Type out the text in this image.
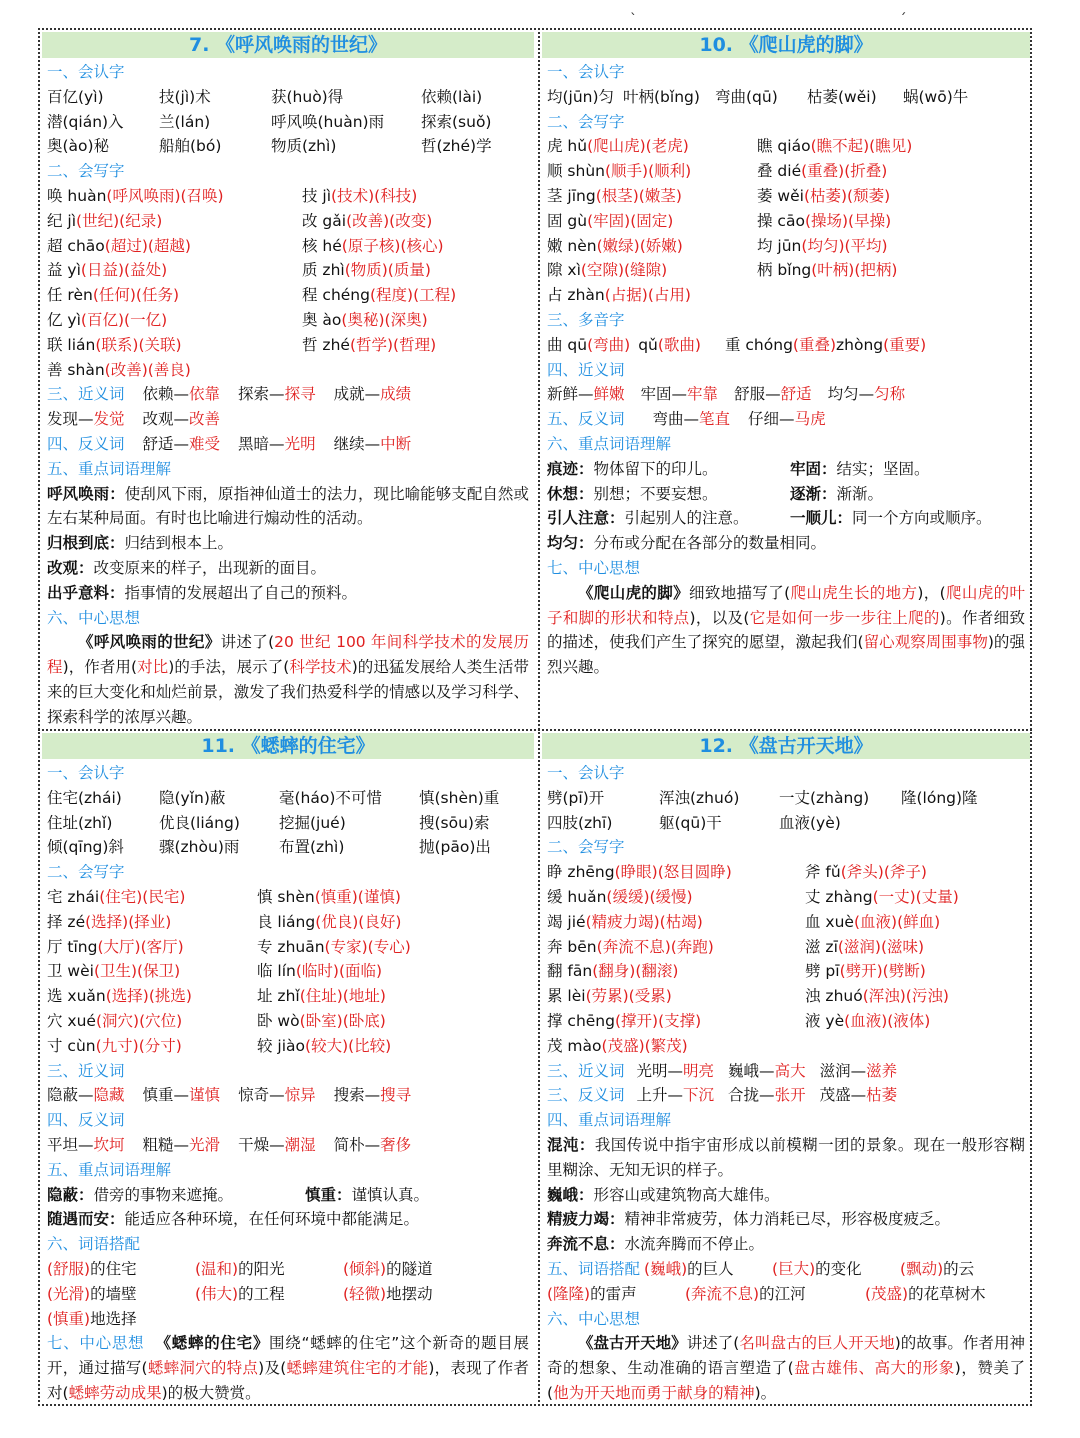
`                                                           ´
7. 《呼风唤雨的世纪》
一、会认字
百亿(yì)	技(jì)术	获(huò)得	依赖(lài)
潜(qián)入 兰(lán)	呼风唤(huàn)雨 探索(suǒ)
奥(ào)秘	船舶(bó)	物质(zhì)	哲(zhé)学
二、会写字
唤 huàn(呼风唤雨)(召唤)	技 jì(技术)(科技)
纪 jì(世纪)(纪录)	改 gǎi(改善)(改变)
超 chāo(超过)(超越)	核 hé(原子核)(核心)
益 yì(日益)(益处)	质 zhì(物质)(质量)
任 rèn(任何)(任务)	程 chéng(程度)(工程)
亿 yì(百亿)(一亿)	奥 ào(奥秘)(深奥)
联 lián(联系)(关联)	哲 zhé(哲学)(哲理)
善 shàn(改善)(善良)
三、近义词 依赖—依靠 探索—探寻 成就—成绩
发现—发觉 改观—改善
四、反义词 舒适—难受 黑暗—光明 继续—中断
五、重点词语理解
呼风唤雨：使刮风下雨，原指神仙道士的法力，现比喻能够支配自然或左右某种局面。有时也比喻进行煽动性的活动。
归根到底：归结到根本上。
改观：改变原来的样子，出现新的面目。
出乎意料：指事情的发展超出了自己的预料。
六、中心思想
《呼风唤雨的世纪》讲述了(20 世纪 100 年间科学技术的发展历程)，作者用(对比)的手法，展示了(科学技术)的迅猛发展给人类生活带来的巨大变化和灿烂前景，激发了我们热爱科学的情感以及学习科学、探索科学的浓厚兴趣。
10. 《爬山虎的脚》
一、会认字
均(jūn)匀 叶柄(bǐng) 弯曲(qū) 枯萎(wěi) 蜗(wō)牛
二、会写字
虎 hǔ(爬山虎)(老虎)	瞧 qiáo(瞧不起)(瞧见)
顺 shùn(顺手)(顺利)	叠 dié(重叠)(折叠)
茎 jīng(根茎)(嫩茎)	萎 wěi(枯萎)(颓萎)
固 gù(牢固)(固定)	操 cāo(操场)(早操)
嫩 nèn(嫩绿)(娇嫩)	均 jūn(均匀)(平均)
隙 xì(空隙)(缝隙)	柄 bǐng(叶柄)(把柄)
占 zhàn(占据)(占用)
三、多音字
曲 qū(弯曲) qǔ(歌曲) 重 chóng(重叠)zhòng(重要)
四、近义词
新鲜—鲜嫩 牢固—牢靠 舒服—舒适 均匀—匀称
五、反义词 弯曲—笔直 仔细—马虎
六、重点词语理解
痕迹：物体留下的印儿。	牢固：结实；坚固。
休想：别想；不要妄想。	逐渐：渐渐。
引人注意：引起别人的注意。	一顺儿：同一个方向或顺序。
均匀：分布或分配在各部分的数量相同。
七、中心思想
《爬山虎的脚》细致地描写了(爬山虎生长的地方)，(爬山虎的叶子和脚的形状和特点)，以及(它是如何一步一步往上爬的)。作者细致的描述，使我们产生了探究的愿望，激起我们(留心观察周围事物)的强烈兴趣。
11. 《蟋蟀的住宅》
一、会认字
住宅(zhái) 隐(yǐn)蔽	毫(háo)不可惜 慎(shèn)重
住址(zhǐ)	优良(liáng)	挖掘(jué)	搜(sōu)索
倾(qīng)斜 骤(zhòu)雨	布置(zhì)	抛(pāo)出
二、会写字
宅 zhái(住宅)(民宅)	慎 shèn(慎重)(谨慎)
择 zé(选择)(择业)	良 liáng(优良)(良好)
厅 tīng(大厅)(客厅)	专 zhuān(专家)(专心)
卫 wèi(卫生)(保卫)	临 lín(临时)(面临)
选 xuǎn(选择)(挑选)	址 zhǐ(住址)(地址)
穴 xué(洞穴)(穴位)	卧 wò(卧室)(卧底)
寸 cùn(九寸)(分寸)	较 jiào(较大)(比较)
三、近义词
隐蔽—隐藏 慎重—谨慎 惊奇—惊异 搜索—搜寻
四、反义词
平坦—坎坷 粗糙—光滑 干燥—潮湿 简朴—奢侈
五、重点词语理解
隐蔽：借旁的事物来遮掩。	慎重：谨慎认真。
随遇而安：能适应各种环境，在任何环境中都能满足。
六、词语搭配
(舒服)的住宅	(温和)的阳光	(倾斜)的隧道
(光滑)的墙壁	(伟大)的工程	(轻微)地摆动
(慎重)地选择
七、中心思想 《蟋蟀的住宅》围绕“蟋蟀的住宅”这个新奇的题目展开，通过描写(蟋蟀洞穴的特点)及(蟋蟀建筑住宅的才能)，表现了作者对(蟋蟀劳动成果)的极大赞赏。
12. 《盘古开天地》
一、会认字
劈(pī)开	浑浊(zhuó)	一丈(zhàng) 隆(lóng)隆
四肢(zhī)	躯(qū)干	血液(yè)
二、会写字
睁 zhēng(睁眼)(怒目圆睁)	斧 fǔ(斧头)(斧子)
缓 huǎn(缓缓)(缓慢)	丈 zhàng(一丈)(丈量)
竭 jié(精疲力竭)(枯竭)	血 xuè(血液)(鲜血)
奔 bēn(奔流不息)(奔跑)	滋 zī(滋润)(滋味)
翻 fān(翻身)(翻滚)	劈 pī(劈开)(劈断)
累 lèi(劳累)(受累)	浊 zhuó(浑浊)(污浊)
撑 chēng(撑开)(支撑)	液 yè(血液)(液体)
茂 mào(茂盛)(繁茂)
三、近义词 光明—明亮 巍峨—高大 滋润—滋养
三、反义词 上升—下沉 合拢—张开 茂盛—枯萎
四、重点词语理解
混沌：我国传说中指宇宙形成以前模糊一团的景象。现在一般形容糊里糊涂、无知无识的样子。
巍峨：形容山或建筑物高大雄伟。
精疲力竭：精神非常疲劳，体力消耗已尽，形容极度疲乏。
奔流不息：水流奔腾而不停止。
五、词语搭配 (巍峨)的巨人 (巨大)的变化 (飘动)的云
(隆隆)的雷声	(奔流不息)的江河	(茂盛)的花草树木
六、中心思想
《盘古开天地》讲述了(名叫盘古的巨人开天地)的故事。作者用神奇的想象、生动准确的语言塑造了(盘古雄伟、高大的形象)，赞美了(他为开天地而勇于献身的精神)。
